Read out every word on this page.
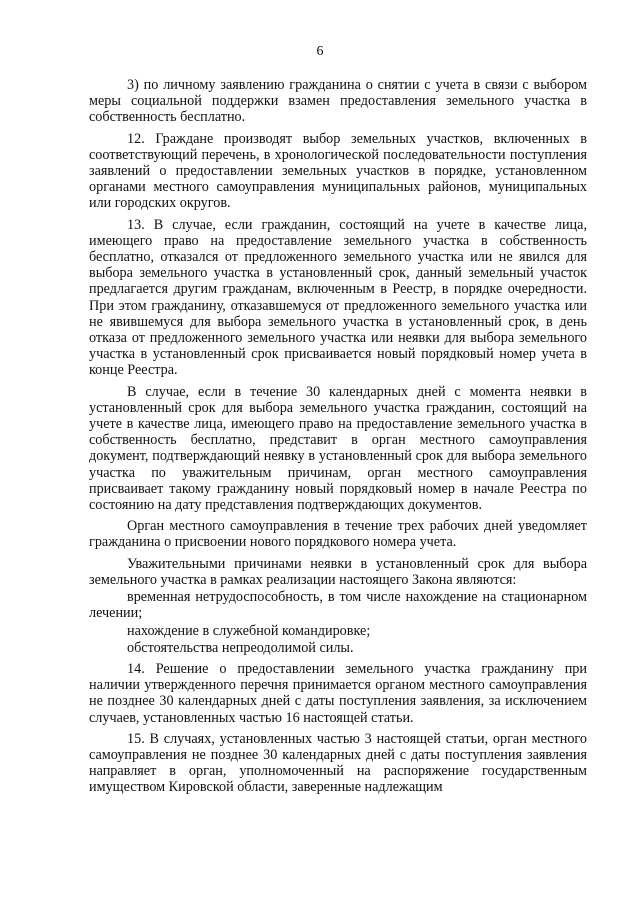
6

3) по личному заявлению гражданина о снятии с учета в связи с выбором меры социальной поддержки взамен предоставления земельного участка в собственность бесплатно.

12. Граждане производят выбор земельных участков, включенных в соответствующий перечень, в хронологической последовательности поступления заявлений о предоставлении земельных участков в порядке, установленном органами местного самоуправления муниципальных районов, муниципальных или городских округов.

13. В случае, если гражданин, состоящий на учете в качестве лица, имеющего право на предоставление земельного участка в собственность бесплатно, отказался от предложенного земельного участка или не явился для выбора земельного участка в установленный срок, данный земельный участок предлагается другим гражданам, включенным в Реестр, в порядке очередности. При этом гражданину, отказавшемуся от предложенного земельного участка или не явившемуся для выбора земельного участка в установленный срок, в день отказа от предложенного земельного участка или неявки для выбора земельного участка в установленный срок присваивается новый порядковый номер учета в конце Реестра.

В случае, если в течение 30 календарных дней с момента неявки в установленный срок для выбора земельного участка гражданин, состоящий на учете в качестве лица, имеющего право на предоставление земельного участка в собственность бесплатно, представит в орган местного самоуправления документ, подтверждающий неявку в установленный срок для выбора земельного участка по уважительным причинам, орган местного самоуправления присваивает такому гражданину новый порядковый номер в начале Реестра по состоянию на дату представления подтверждающих документов.

Орган местного самоуправления в течение трех рабочих дней уведомляет гражданина о присвоении нового порядкового номера учета.

Уважительными причинами неявки в установленный срок для выбора земельного участка в рамках реализации настоящего Закона являются:

временная нетрудоспособность, в том числе нахождение на стационарном лечении;

нахождение в служебной командировке;

обстоятельства непреодолимой силы.

14. Решение о предоставлении земельного участка гражданину при наличии утвержденного перечня принимается органом местного самоуправления не позднее 30 календарных дней с даты поступления заявления, за исключением случаев, установленных частью 16 настоящей статьи.

15. В случаях, установленных частью 3 настоящей статьи, орган местного самоуправления не позднее 30 календарных дней с даты поступления заявления направляет в орган, уполномоченный на распоряжение государственным имуществом Кировской области, заверенные надлежащим
